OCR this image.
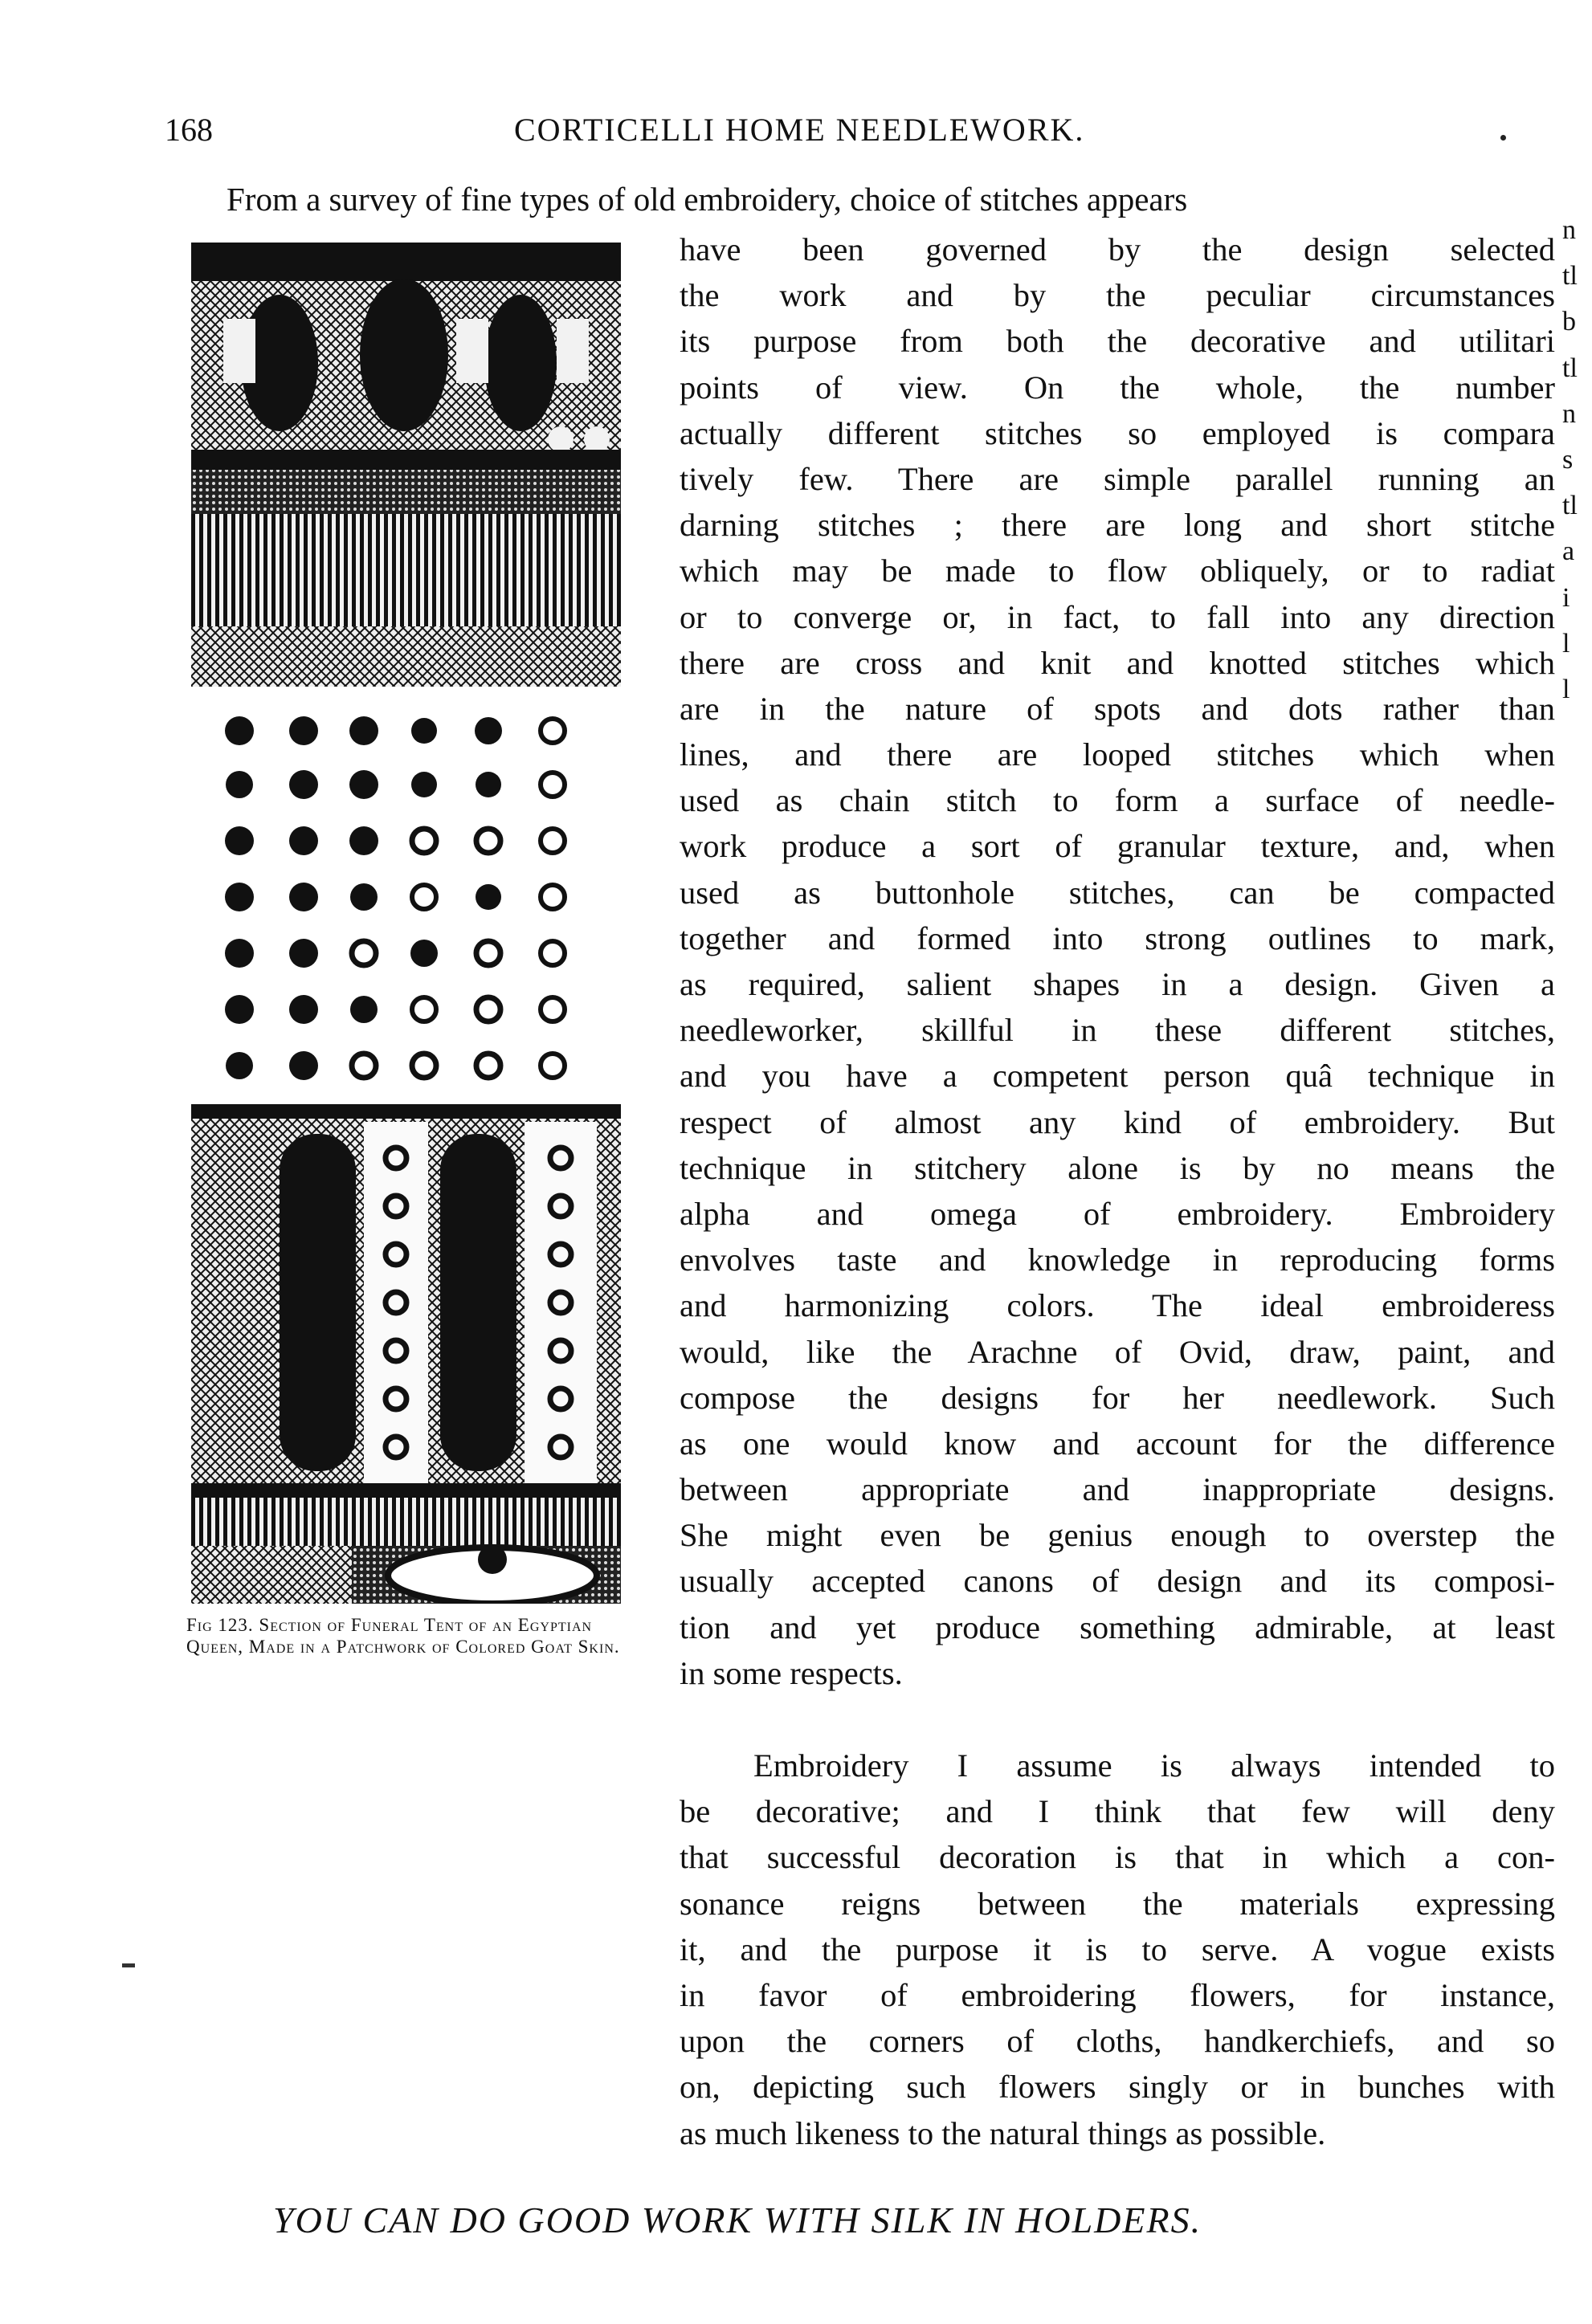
168	CORTICELLI HOME NEEDLEWORK.
From a survey of fine types of old embroidery, choice of stitches appears
Fig 123. Section of Funeral Tent of an Egyptian Queen, Made in a Patchwork of Colored Goat Skin.
have been governed by the design selected
the work and by the peculiar circumstances
its purpose from both the decorative and utilitari
points of view. On the whole, the number
actually different stitches so employed is compara
tively few. There are simple parallel running an
darning stitches ; there are long and short stitche
which may be made to flow obliquely, or to radiat
or to converge or, in fact, to fall into any direction
there are cross and knit and knotted stitches which
are in the nature of spots and dots rather than
lines, and there are looped stitches which when
used as chain stitch to form a surface of needle-
work produce a sort of granular texture, and, when
used as buttonhole stitches, can be compacted
together and formed into strong outlines to mark,
as required, salient shapes in a design. Given a
needleworker, skillful in these different stitches,
and you have a competent person quâ technique in
respect of almost any kind of embroidery. But
technique in stitchery alone is by no means the
alpha and omega of embroidery. Embroidery
envolves taste and knowledge in reproducing forms
and harmonizing colors. The ideal embroideress
would, like the Arachne of Ovid, draw, paint, and
compose the designs for her needlework. Such
as one would know and account for the difference
between appropriate and inappropriate designs.
She might even be genius enough to overstep the
usually accepted canons of design and its composi-
tion and yet produce something admirable, at least
in some respects.
Embroidery I assume is always intended to
be decorative; and I think that few will deny
that successful decoration is that in which a con-
sonance reigns between the materials expressing
it, and the purpose it is to serve. A vogue exists
in favor of embroidering flowers, for instance,
upon the corners of cloths, handkerchiefs, and so
on, depicting such flowers singly or in bunches with
as much likeness to the natural things as possible.
n
tl
b
tl
n
s
tl
a
i
l
l
YOU CAN DO GOOD WORK WITH SILK IN HOLDERS.
